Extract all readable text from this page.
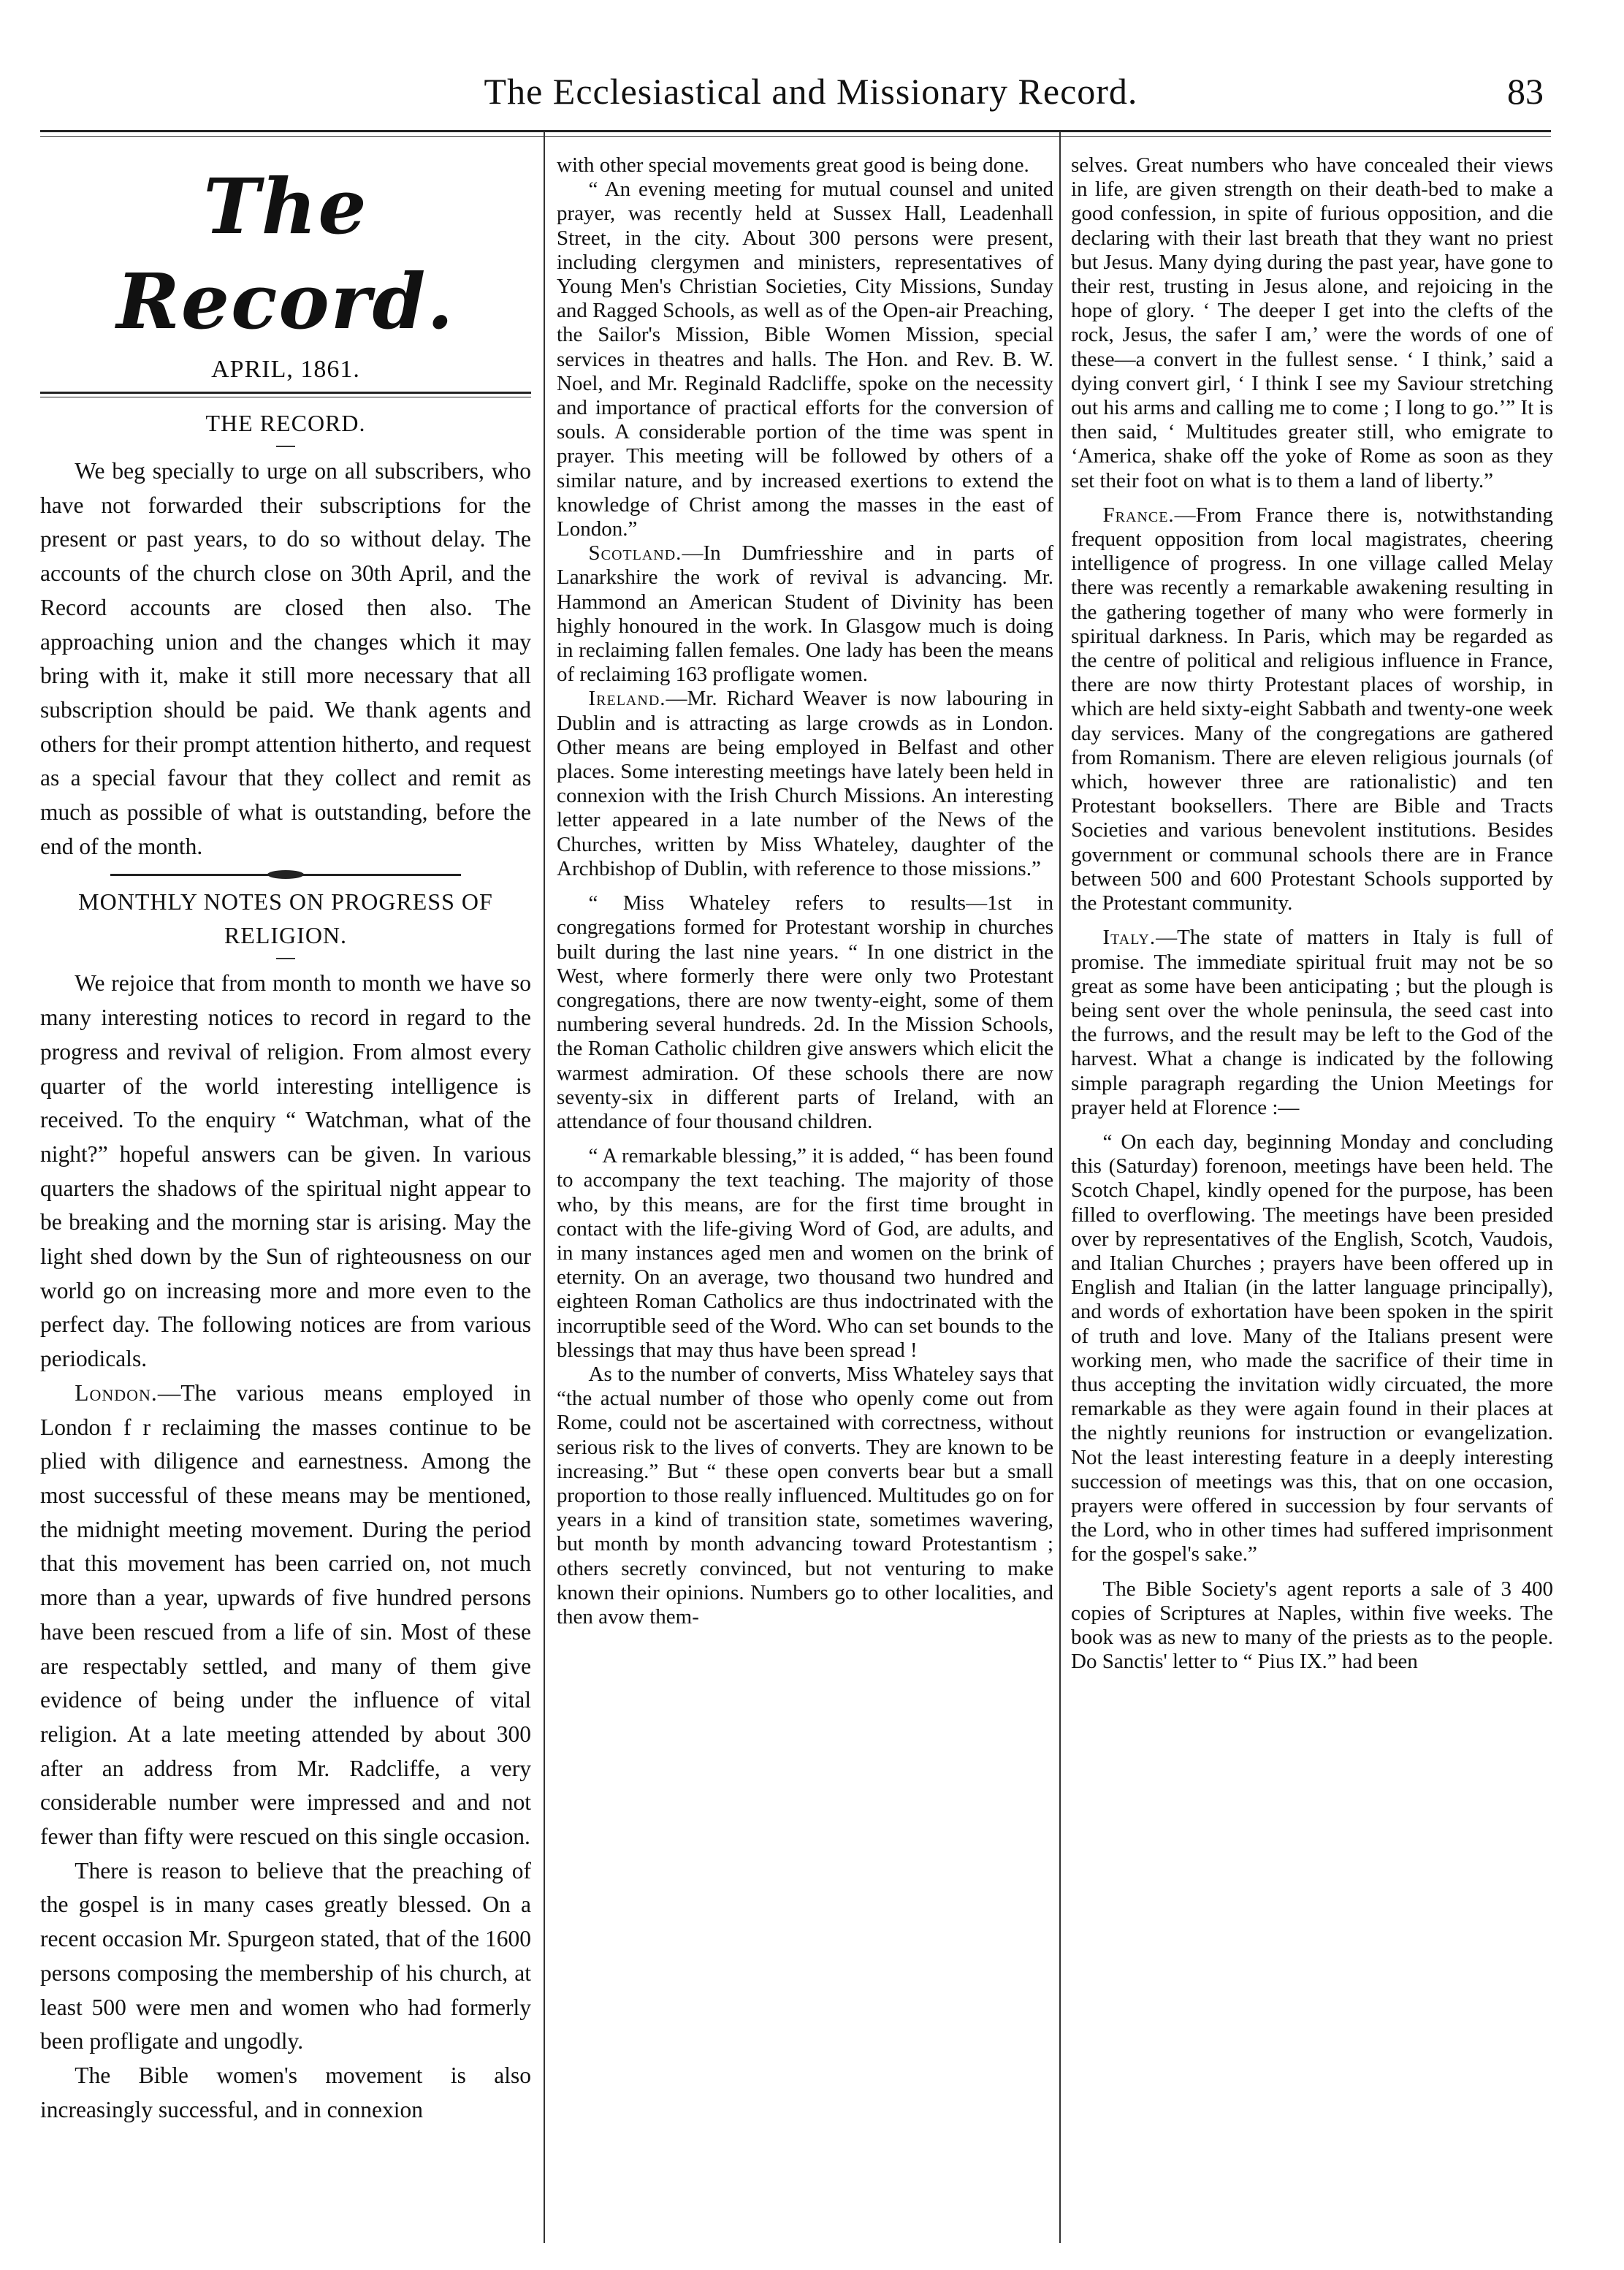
The Ecclesiastical and Missionary Record.	83
The Record.
APRIL, 1861.
THE RECORD.

We beg specially to urge on all subscribers, who have not forwarded their subscriptions for the present or past years, to do so without delay. The accounts of the church close on 30th April, and the Record accounts are closed then also. The approaching union and the changes which it may bring with it, make it still more necessary that all subscription should be paid. We thank agents and others for their prompt attention hitherto, and request as a special favour that they collect and remit as much as possible of what is outstanding, before the end of the month.

MONTHLY NOTES ON PROGRESS OF RELIGION.

We rejoice that from month to month we have so many interesting notices to record in regard to the progress and revival of religion. From almost every quarter of the world interesting intelligence is received. To the enquiry “ Watchman, what of the night?” hopeful answers can be given. In various quarters the shadows of the spiritual night appear to be breaking and the morning star is arising. May the light shed down by the Sun of righteousness on our world go on increasing more and more even to the perfect day. The following notices are from various periodicals.

London.—The various means employed in London f r reclaiming the masses continue to be plied with diligence and earnestness. Among the most successful of these means may be mentioned, the midnight meeting movement. During the period that this movement has been carried on, not much more than a year, upwards of five hundred persons have been rescued from a life of sin. Most of these are respectably settled, and many of them give evidence of being under the influence of vital religion. At a late meeting attended by about 300 after an address from Mr. Radcliffe, a very considerable number were impressed and and not fewer than fifty were rescued on this single occasion.

There is reason to believe that the preaching of the gospel is in many cases greatly blessed. On a recent occasion Mr. Spurgeon stated, that of the 1600 persons composing the membership of his church, at least 500 were men and women who had formerly been profligate and ungodly.

The Bible women's movement is also increasingly successful, and in connexion

with other special movements great good is being done.

“ An evening meeting for mutual counsel and united prayer, was recently held at Sussex Hall, Leadenhall Street, in the city. About 300 persons were present, including clergymen and ministers, representatives of Young Men's Christian Societies, City Missions, Sunday and Ragged Schools, as well as of the Open-air Preaching, the Sailor's Mission, Bible Women Mission, special services in theatres and halls. The Hon. and Rev. B. W. Noel, and Mr. Reginald Radcliffe, spoke on the necessity and importance of practical efforts for the conversion of souls. A considerable portion of the time was spent in prayer. This meeting will be followed by others of a similar nature, and by increased exertions to extend the knowledge of Christ among the masses in the east of London.”

Scotland.—In Dumfriesshire and in parts of Lanarkshire the work of revival is advancing. Mr. Hammond an American Student of Divinity has been highly honoured in the work. In Glasgow much is doing in reclaiming fallen females. One lady has been the means of reclaiming 163 profligate women.

Ireland.—Mr. Richard Weaver is now labouring in Dublin and is attracting as large crowds as in London. Other means are being employed in Belfast and other places. Some interesting meetings have lately been held in connexion with the Irish Church Missions. An interesting letter appeared in a late number of the News of the Churches, written by Miss Whateley, daughter of the Archbishop of Dublin, with reference to those missions.”

“ Miss Whateley refers to results—1st in congregations formed for Protestant worship in churches built during the last nine years. “ In one district in the West, where formerly there were only two Protestant congregations, there are now twenty-eight, some of them numbering several hundreds. 2d. In the Mission Schools, the Roman Catholic children give answers which elicit the warmest admiration. Of these schools there are now seventy-six in different parts of Ireland, with an attendance of four thousand children.

“ A remarkable blessing,” it is added, “ has been found to accompany the text teaching. The majority of those who, by this means, are for the first time brought in contact with the life-giving Word of God, are adults, and in many instances aged men and women on the brink of eternity. On an average, two thousand two hundred and eighteen Roman Catholics are thus indoctrinated with the incorruptible seed of the Word. Who can set bounds to the blessings that may thus have been spread !

As to the number of converts, Miss Whateley says that “the actual number of those who openly come out from Rome, could not be ascertained with correctness, without serious risk to the lives of converts. They are known to be increasing.” But “ these open converts bear but a small proportion to those really influenced. Multitudes go on for years in a kind of transition state, sometimes wavering, but month by month advancing toward Protestantism ; others secretly convinced, but not venturing to make known their opinions. Numbers go to other localities, and then avow them-

selves. Great numbers who have concealed their views in life, are given strength on their death-bed to make a good confession, in spite of furious opposition, and die declaring with their last breath that they want no priest but Jesus. Many dying during the past year, have gone to their rest, trusting in Jesus alone, and rejoicing in the hope of glory. ‘ The deeper I get into the clefts of the rock, Jesus, the safer I am,’ were the words of one of these—a convert in the fullest sense. ‘ I think,’ said a dying convert girl, ‘ I think I see my Saviour stretching out his arms and calling me to come ; I long to go.’” It is then said, ‘ Multitudes greater still, who emigrate to ‘America, shake off the yoke of Rome as soon as they set their foot on what is to them a land of liberty.”

France.—From France there is, notwithstanding frequent opposition from local magistrates, cheering intelligence of progress. In one village called Melay there was recently a remarkable awakening resulting in the gathering together of many who were formerly in spiritual darkness. In Paris, which may be regarded as the centre of political and religious influence in France, there are now thirty Protestant places of worship, in which are held sixty-eight Sabbath and twenty-one week day services. Many of the congregations are gathered from Romanism. There are eleven religious journals (of which, however three are rationalistic) and ten Protestant booksellers. There are Bible and Tracts Societies and various benevolent institutions. Besides government or communal schools there are in France between 500 and 600 Protestant Schools supported by the Protestant community.

Italy.—The state of matters in Italy is full of promise. The immediate spiritual fruit may not be so great as some have been anticipating ; but the plough is being sent over the whole peninsula, the seed cast into the furrows, and the result may be left to the God of the harvest. What a change is indicated by the following simple paragraph regarding the Union Meetings for prayer held at Florence :—

“ On each day, beginning Monday and concluding this (Saturday) forenoon, meetings have been held. The Scotch Chapel, kindly opened for the purpose, has been filled to overflowing. The meetings have been presided over by representatives of the English, Scotch, Vaudois, and Italian Churches ; prayers have been offered up in English and Italian (in the latter language principally), and words of exhortation have been spoken in the spirit of truth and love. Many of the Italians present were working men, who made the sacrifice of their time in thus accepting the invitation widly circuated, the more remarkable as they were again found in their places at the nightly reunions for instruction or evangelization. Not the least interesting feature in a deeply interesting succession of meetings was this, that on one occasion, prayers were offered in succession by four servants of the Lord, who in other times had suffered imprisonment for the gospel's sake.”

The Bible Society's agent reports a sale of 3 400 copies of Scriptures at Naples, within five weeks. The book was as new to many of the priests as to the people. Do Sanctis' letter to “ Pius IX.” had been
